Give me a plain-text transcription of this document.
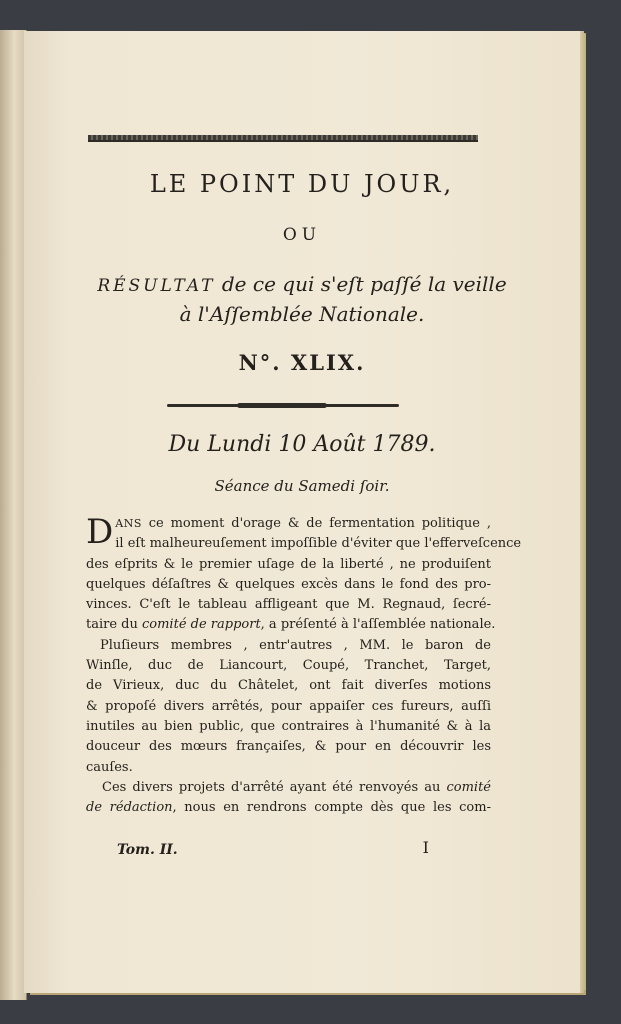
LE POINT DU JOUR,
OU
RÉSULTAT de ce qui s'eſt paſſé la veille
à l'Aſſemblée Nationale.
N°. XLIX.
Du Lundi 10 Août 1789.
Séance du Samedi ſoir.
DANS ce moment d'orage & de fermentation politique ,
il eſt malheureuſement impoſſible d'éviter que l'efferveſcence
des eſprits & le premier uſage de la liberté , ne produiſent
quelques déſaſtres & quelques excès dans le fond des pro-
vinces. C'eſt le tableau affligeant que M. Regnaud, ſecré-
taire du comité de rapport, a préſenté à l'aſſemblée nationale.
Pluſieurs membres , entr'autres , MM. le baron de
Winſle, duc de Liancourt, Coupé, Tranchet, Target,
de Virieux, duc du Châtelet, ont fait diverſes motions
& propoſé divers arrêtés, pour appaiſer ces fureurs, auſſi
inutiles au bien public, que contraires à l'humanité & à la
douceur des mœurs françaiſes, & pour en découvrir les
cauſes.
Ces divers projets d'arrêté ayant été renvoyés au comité
de rédaction, nous en rendrons compte dès que les com-
Tom. II.	I
